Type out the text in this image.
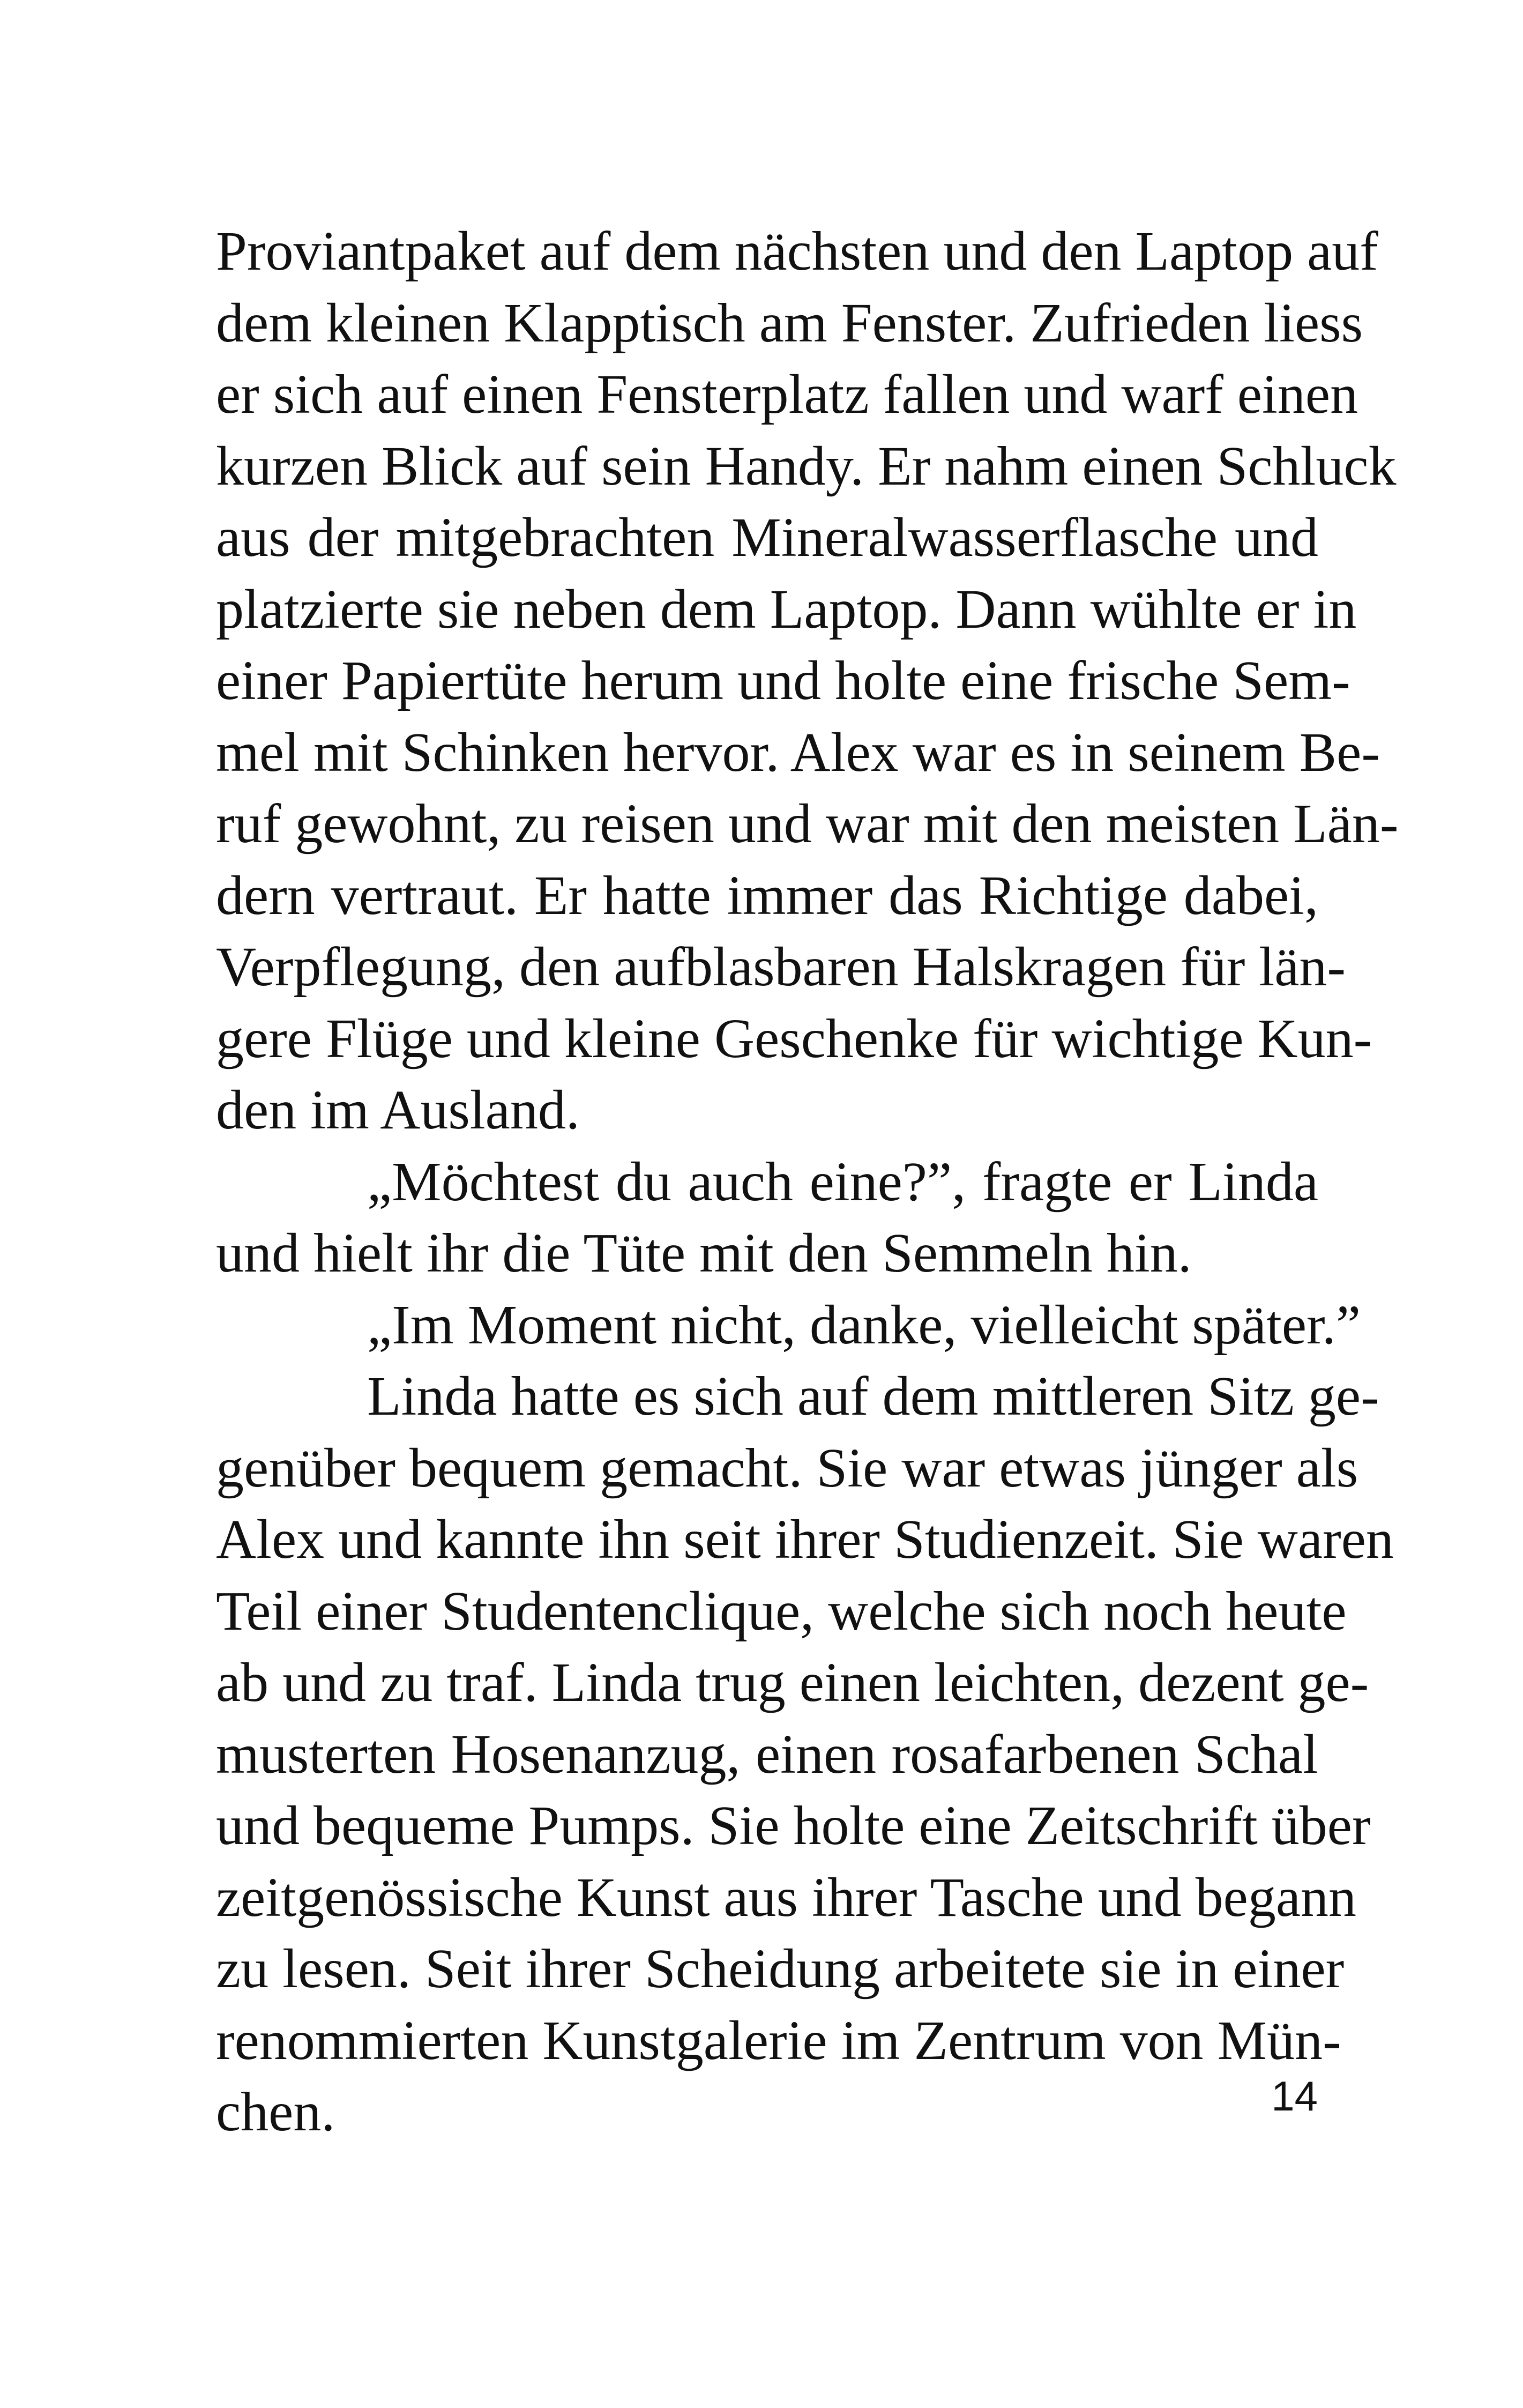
Proviantpaket auf dem nächsten und den Laptop auf
dem kleinen Klapptisch am Fenster. Zufrieden liess
er sich auf einen Fensterplatz fallen und warf einen
kurzen Blick auf sein Handy. Er nahm einen Schluck
aus der mitgebrachten Mineralwasserflasche und
platzierte sie neben dem Laptop. Dann wühlte er in
einer Papiertüte herum und holte eine frische Sem-
mel mit Schinken hervor. Alex war es in seinem Be-
ruf gewohnt, zu reisen und war mit den meisten Län-
dern vertraut. Er hatte immer das Richtige dabei,
Verpflegung, den aufblasbaren Halskragen für län-
gere Flüge und kleine Geschenke für wichtige Kun-
den im Ausland.
„Möchtest du auch eine?”, fragte er Linda
und hielt ihr die Tüte mit den Semmeln hin.
„Im Moment nicht, danke, vielleicht später.”
Linda hatte es sich auf dem mittleren Sitz ge-
genüber bequem gemacht. Sie war etwas jünger als
Alex und kannte ihn seit ihrer Studienzeit. Sie waren
Teil einer Studentenclique, welche sich noch heute
ab und zu traf. Linda trug einen leichten, dezent ge-
musterten Hosenanzug, einen rosafarbenen Schal
und bequeme Pumps. Sie holte eine Zeitschrift über
zeitgenössische Kunst aus ihrer Tasche und begann
zu lesen. Seit ihrer Scheidung arbeitete sie in einer
renommierten Kunstgalerie im Zentrum von Mün-
chen.	14
